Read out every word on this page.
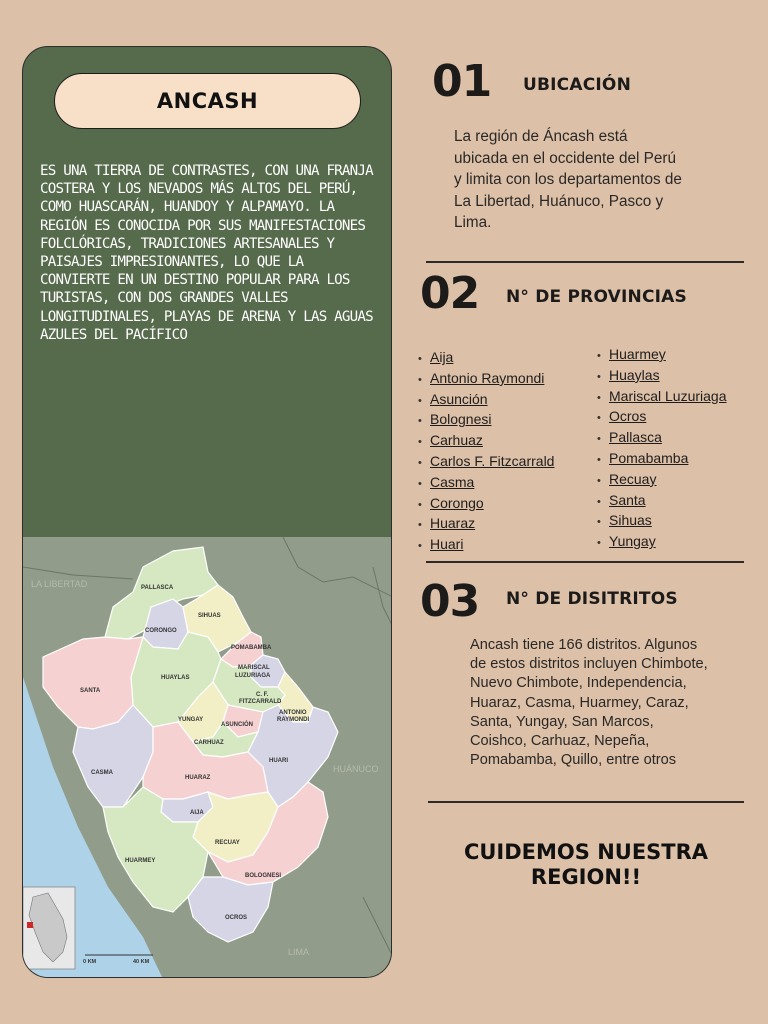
ANCASH

ES UNA TIERRA DE CONTRASTES, CON UNA FRANJA COSTERA Y LOS NEVADOS MÁS ALTOS DEL PERÚ, COMO HUASCARÁN, HUANDOY Y ALPAMAYO. LA REGIÓN ES CONOCIDA POR SUS MANIFESTACIONES FOLCLÓRICAS, TRADICIONES ARTESANALES Y PAISAJES IMPRESIONANTES, LO QUE LA CONVIERTE EN UN DESTINO POPULAR PARA LOS TURISTAS, CON DOS GRANDES VALLES LONGITUDINALES, PLAYAS DE ARENA Y LAS AGUAS AZULES DEL PACÍFICO

LA LIBERTAD
HUÁNUCO
LIMA
PALLASCA
CORONGO
SIHUAS
POMABAMBA
MARISCAL
LUZURIAGA
HUAYLAS
SANTA
C. F.
FITZCARRALD
ANTONIO
RAYMONDI
YUNGAY
ASUNCIÓN
CARHUAZ
CASMA
HUARI
HUARAZ
AIJA
RECUAY
HUARMEY
BOLOGNESI
OCROS
0 KM	40 KM
01 UBICACIÓN
La región de Áncash está
ubicada en el occidente del Perú
y limita con los departamentos de
La Libertad, Huánuco, Pasco y
Lima.
02 N° DE PROVINCIAS
• Aija
• Antonio Raymondi
• Asunción
• Bolognesi
• Carhuaz
• Carlos F. Fitzcarrald
• Casma
• Corongo
• Huaraz
• Huari
• Huarmey
• Huaylas
• Mariscal Luzuriaga
• Ocros
• Pallasca
• Pomabamba
• Recuay
• Santa
• Sihuas
• Yungay
03 N° DE DISITRITOS
Ancash tiene 166 distritos. Algunos
de estos distritos incluyen Chimbote,
Nuevo Chimbote, Independencia,
Huaraz, Casma, Huarmey, Caraz,
Santa, Yungay, San Marcos,
Coishco, Carhuaz, Nepeña,
Pomabamba, Quillo, entre otros
CUIDEMOS NUESTRA
REGION!!
